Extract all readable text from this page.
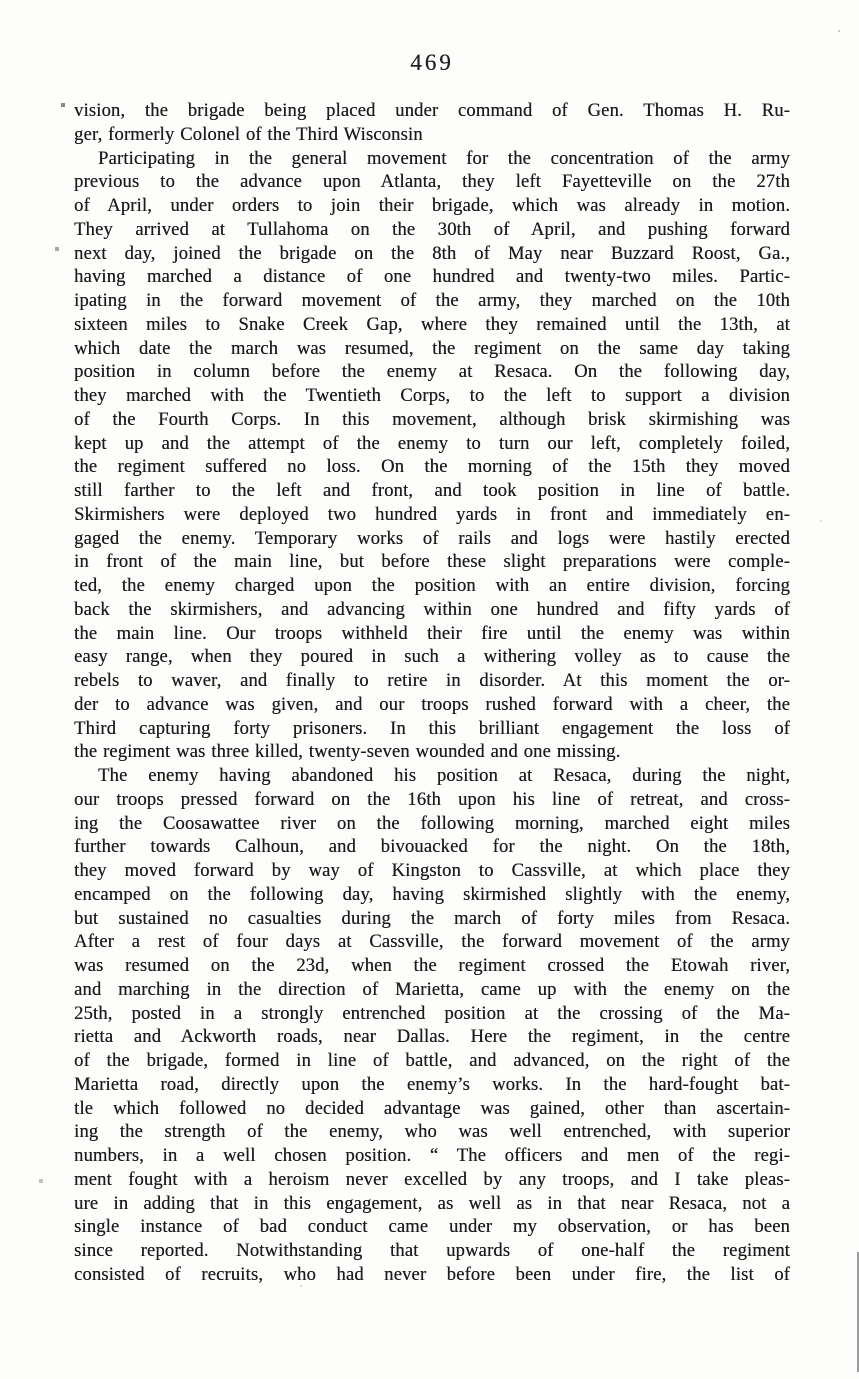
469
vision, the brigade being placed under command of Gen. Thomas H. Ru-
ger, formerly Colonel of the Third Wisconsin
Participating in the general movement for the concentration of the army
previous to the advance upon Atlanta, they left Fayetteville on the 27th
of April, under orders to join their brigade, which was already in motion.
They arrived at Tullahoma on the 30th of April, and pushing forward
next day, joined the brigade on the 8th of May near Buzzard Roost, Ga.,
having marched a distance of one hundred and twenty-two miles. Partic-
ipating in the forward movement of the army, they marched on the 10th
sixteen miles to Snake Creek Gap, where they remained until the 13th, at
which date the march was resumed, the regiment on the same day taking
position in column before the enemy at Resaca. On the following day,
they marched with the Twentieth Corps, to the left to support a division
of the Fourth Corps. In this movement, although brisk skirmishing was
kept up and the attempt of the enemy to turn our left, completely foiled,
the regiment suffered no loss. On the morning of the 15th they moved
still farther to the left and front, and took position in line of battle.
Skirmishers were deployed two hundred yards in front and immediately en-
gaged the enemy. Temporary works of rails and logs were hastily erected
in front of the main line, but before these slight preparations were comple-
ted, the enemy charged upon the position with an entire division, forcing
back the skirmishers, and advancing within one hundred and fifty yards of
the main line. Our troops withheld their fire until the enemy was within
easy range, when they poured in such a withering volley as to cause the
rebels to waver, and finally to retire in disorder. At this moment the or-
der to advance was given, and our troops rushed forward with a cheer, the
Third capturing forty prisoners. In this brilliant engagement the loss of
the regiment was three killed, twenty-seven wounded and one missing.
The enemy having abandoned his position at Resaca, during the night,
our troops pressed forward on the 16th upon his line of retreat, and cross-
ing the Coosawattee river on the following morning, marched eight miles
further towards Calhoun, and bivouacked for the night. On the 18th,
they moved forward by way of Kingston to Cassville, at which place they
encamped on the following day, having skirmished slightly with the enemy,
but sustained no casualties during the march of forty miles from Resaca.
After a rest of four days at Cassville, the forward movement of the army
was resumed on the 23d, when the regiment crossed the Etowah river,
and marching in the direction of Marietta, came up with the enemy on the
25th, posted in a strongly entrenched position at the crossing of the Ma-
rietta and Ackworth roads, near Dallas. Here the regiment, in the centre
of the brigade, formed in line of battle, and advanced, on the right of the
Marietta road, directly upon the enemy’s works. In the hard-fought bat-
tle which followed no decided advantage was gained, other than ascertain-
ing the strength of the enemy, who was well entrenched, with superior
numbers, in a well chosen position. “ The officers and men of the regi-
ment fought with a heroism never excelled by any troops, and I take pleas-
ure in adding that in this engagement, as well as in that near Resaca, not a
single instance of bad conduct came under my observation, or has been
since reported. Notwithstanding that upwards of one-half the regiment
consisted of recruits, who had never before been under fire, the list of
